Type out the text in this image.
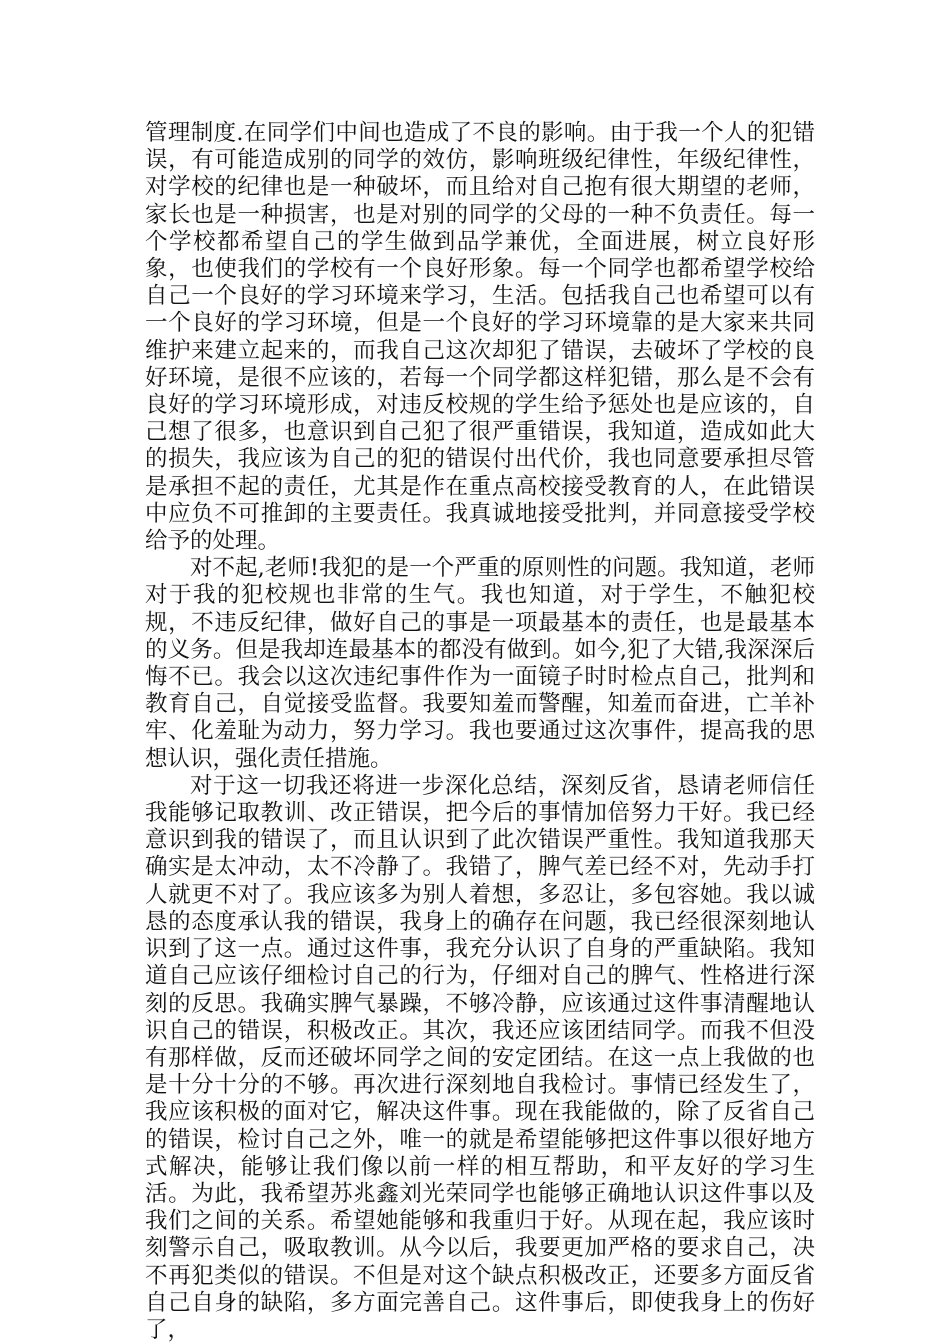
管理制度.在同学们中间也造成了不良的影响。由于我一个人的犯错误，有可能造成别的同学的效仿，影响班级纪律性，年级纪律性，对学校的纪律也是一种破坏，而且给对自己抱有很大期望的老师，家长也是一种损害，也是对别的同学的父母的一种不负责任。每一个学校都希望自己的学生做到品学兼优，全面进展，树立良好形象，也使我们的学校有一个良好形象。每一个同学也都希望学校给自己一个良好的学习环境来学习，生活。包括我自己也希望可以有一个良好的学习环境，但是一个良好的学习环境靠的是大家来共同维护来建立起来的，而我自己这次却犯了错误，去破坏了学校的良好环境，是很不应该的，若每一个同学都这样犯错，那么是不会有良好的学习环境形成，对违反校规的学生给予惩处也是应该的，自己想了很多，也意识到自己犯了很严重错误，我知道，造成如此大的损失，我应该为自己的犯的错误付出代价，我也同意要承担尽管是承担不起的责任，尤其是作在重点高校接受教育的人，在此错误中应负不可推卸的主要责任。我真诚地接受批判，并同意接受学校给予的处理。

对不起,老师!我犯的是一个严重的原则性的问题。我知道，老师对于我的犯校规也非常的生气。我也知道，对于学生，不触犯校规，不违反纪律，做好自己的事是一项最基本的责任，也是最基本的义务。但是我却连最基本的都没有做到。如今,犯了大错,我深深后悔不已。我会以这次违纪事件作为一面镜子时时检点自己，批判和教育自己，自觉接受监督。我要知羞而警醒，知羞而奋进，亡羊补牢、化羞耻为动力，努力学习。我也要通过这次事件，提高我的思想认识，强化责任措施。

对于这一切我还将进一步深化总结，深刻反省，恳请老师信任我能够记取教训、改正错误，把今后的事情加倍努力干好。我已经意识到我的错误了，而且认识到了此次错误严重性。我知道我那天确实是太冲动，太不冷静了。我错了，脾气差已经不对，先动手打人就更不对了。我应该多为别人着想，多忍让，多包容她。我以诚恳的态度承认我的错误，我身上的确存在问题，我已经很深刻地认识到了这一点。通过这件事，我充分认识了自身的严重缺陷。我知道自己应该仔细检讨自己的行为，仔细对自己的脾气、性格进行深刻的反思。我确实脾气暴躁，不够冷静，应该通过这件事清醒地认识自己的错误，积极改正。其次，我还应该团结同学。而我不但没有那样做，反而还破坏同学之间的安定团结。在这一点上我做的也是十分十分的不够。再次进行深刻地自我检讨。事情已经发生了，我应该积极的面对它，解决这件事。现在我能做的，除了反省自己的错误，检讨自己之外，唯一的就是希望能够把这件事以很好地方式解决，能够让我们像以前一样的相互帮助，和平友好的学习生活。为此，我希望苏兆鑫刘光荣同学也能够正确地认识这件事以及我们之间的关系。希望她能够和我重归于好。从现在起，我应该时刻警示自己，吸取教训。从今以后，我要更加严格的要求自己，决不再犯类似的错误。不但是对这个缺点积极改正，还要多方面反省自己自身的缺陷，多方面完善自己。这件事后，即使我身上的伤好了，
